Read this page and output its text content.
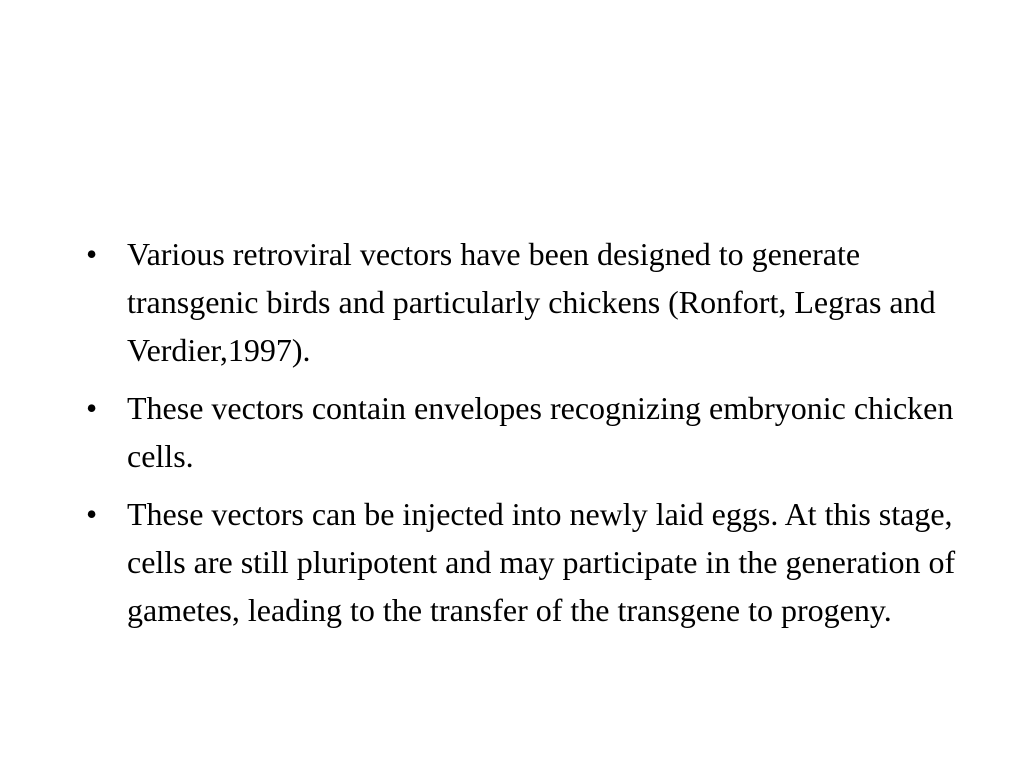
• Various retroviral vectors have been designed to generate transgenic birds and particularly chickens (Ronfort, Legras and Verdier,1997).
• These vectors contain envelopes recognizing embryonic chicken cells.
• These vectors can be injected into newly laid eggs. At this stage, cells are still pluripotent and may participate in the generation of gametes, leading to the transfer of the transgene to progeny.
